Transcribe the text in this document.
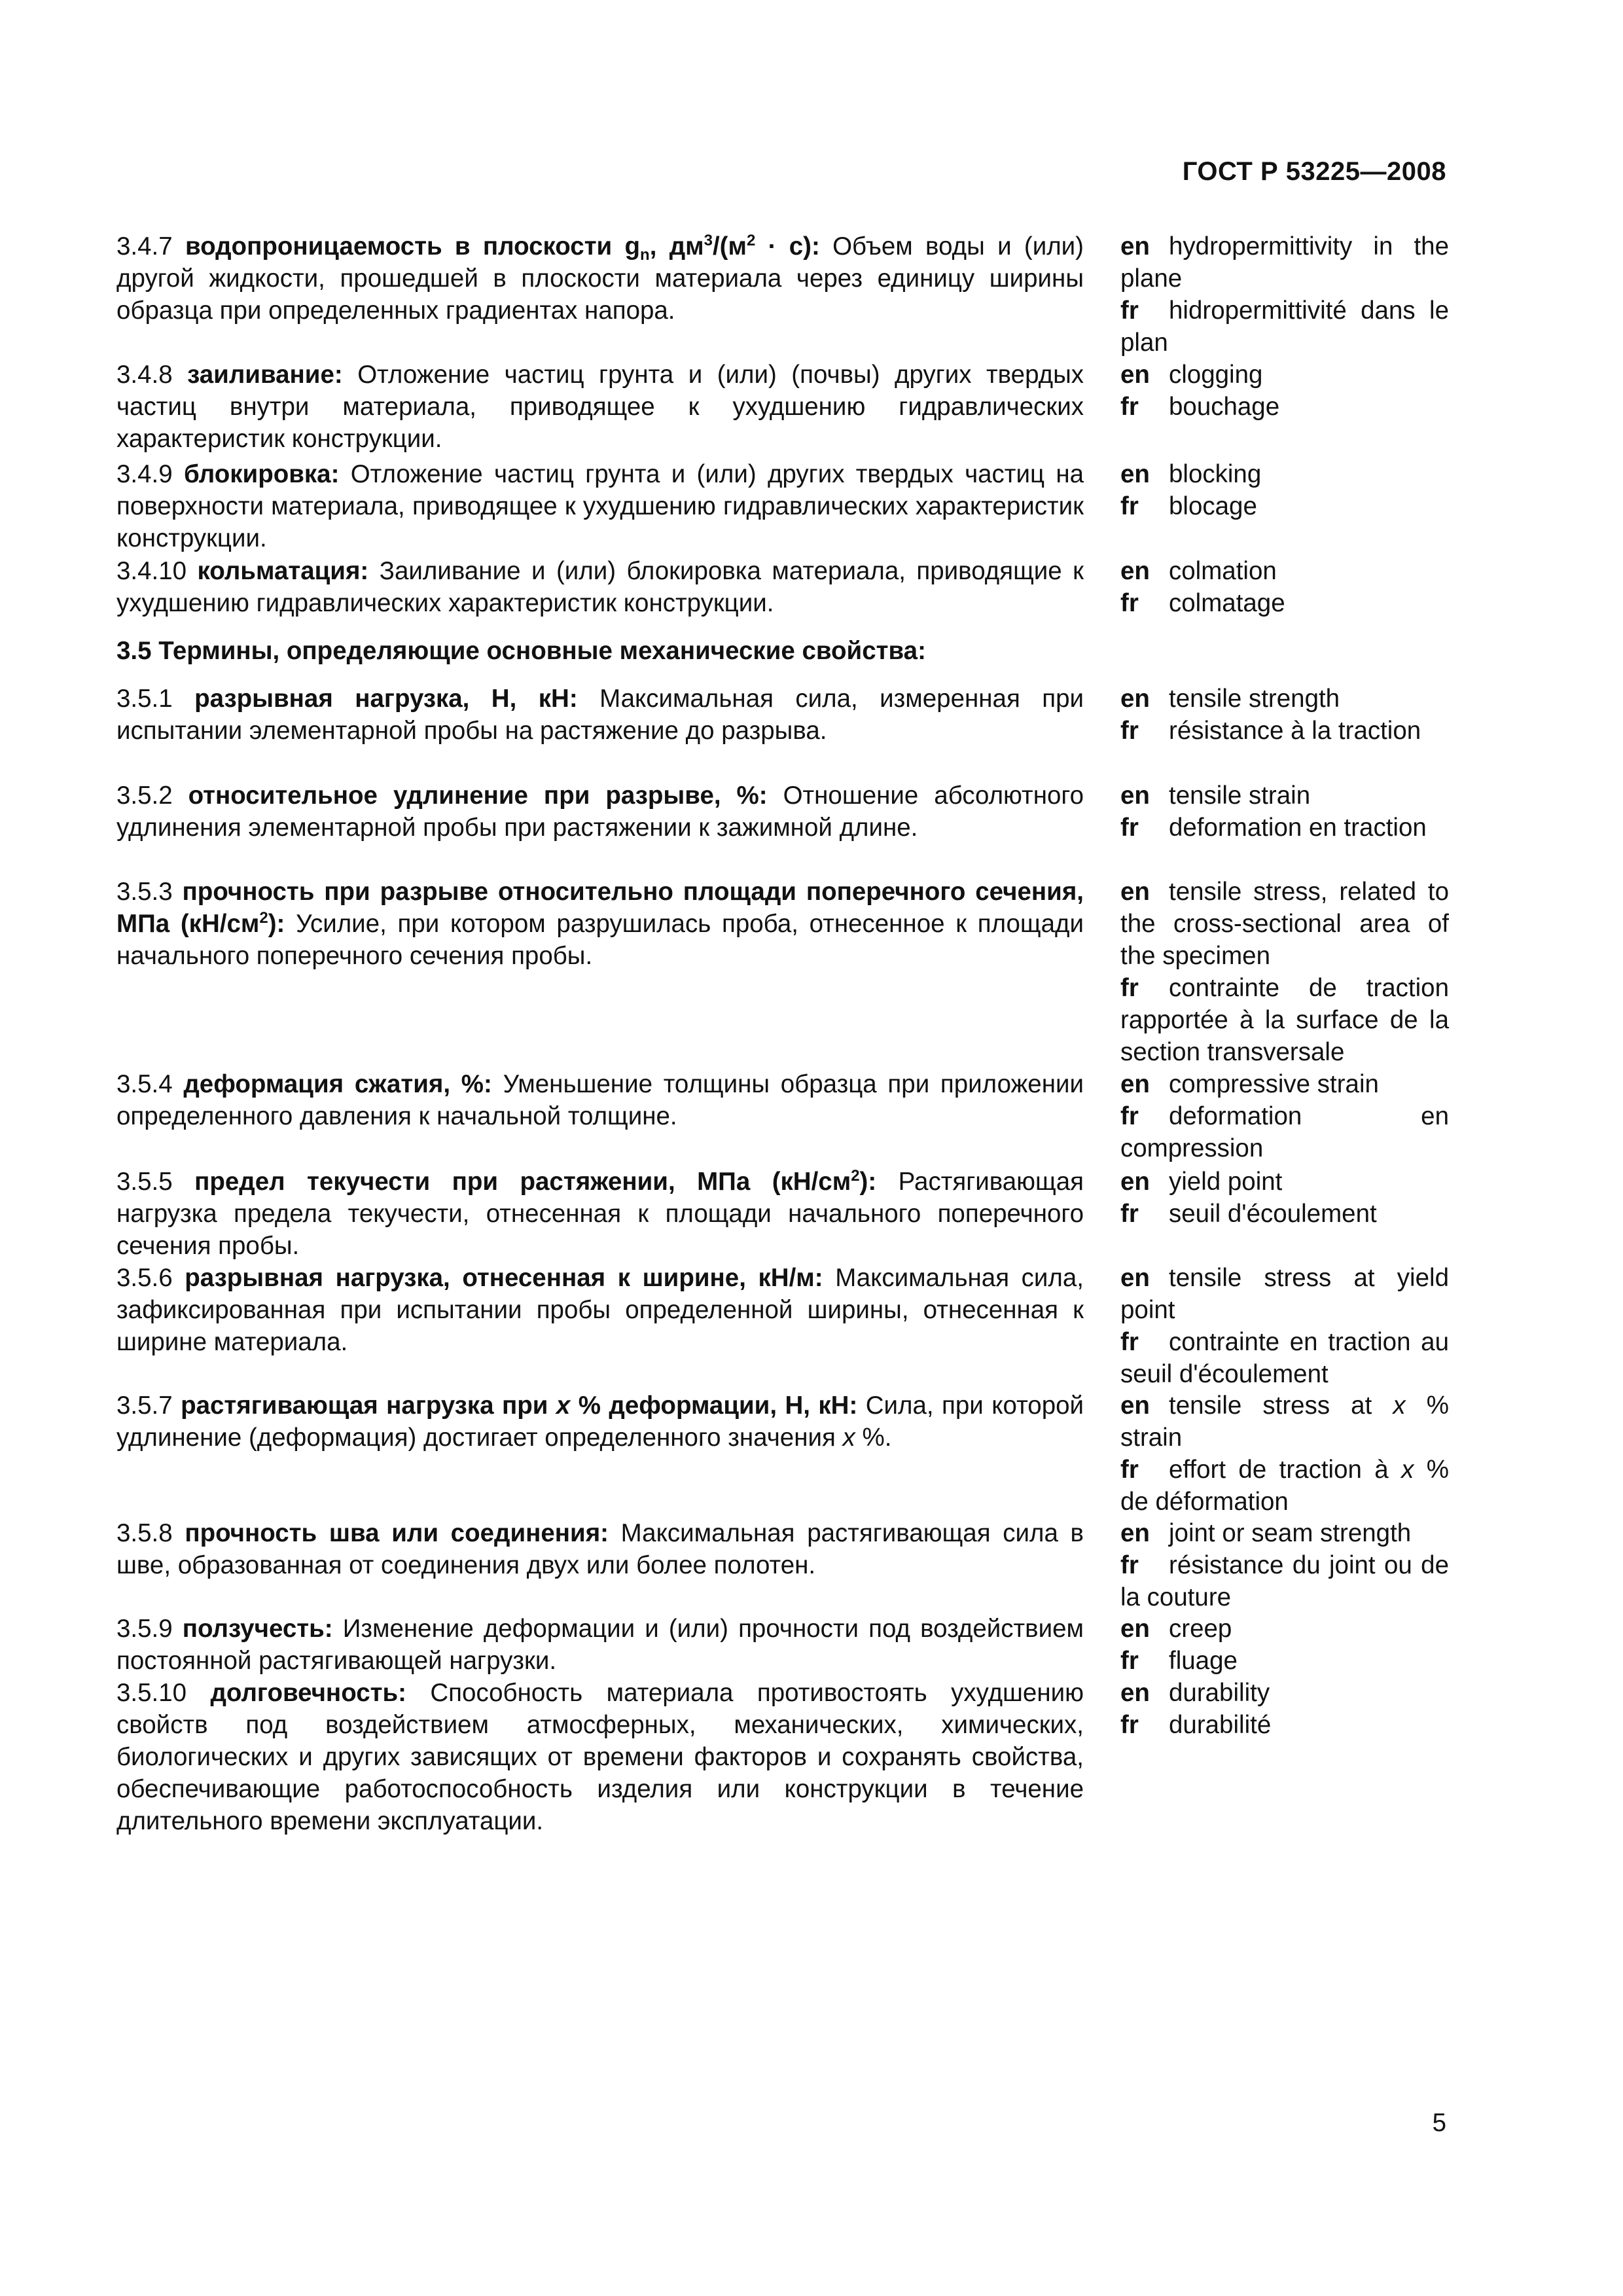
ГОСТ Р 53225—2008
3.4.7 водопроницаемость в плоскости $g_n$, $дм^3/(м^2 \cdot с)$: Объем воды и (или) другой жидкости, прошедшей в плоскости материала через единицу ширины образца при определенных градиентах напора.
en hydropermittivity in the plane
fr hidropermittivité dans le plan
3.4.8 заиливание: Отложение частиц грунта и (или) (почвы) других твердых частиц внутри материала, приводящее к ухудшению гидравлических характеристик конструкции.
en clogging
fr bouchage
3.4.9 блокировка: Отложение частиц грунта и (или) других твердых частиц на поверхности материала, приводящее к ухудшению гидравлических характеристик конструкции.
en blocking
fr blocage
3.4.10 кольматация: Заиливание и (или) блокировка материала, приводящие к ухудшению гидравлических характеристик конструкции.
en colmation
fr colmatage
3.5 Термины, определяющие основные механические свойства:
3.5.1 разрывная нагрузка, Н, кН: Максимальная сила, измеренная при испытании элементарной пробы на растяжение до разрыва.
en tensile strength
fr résistance à la traction
3.5.2 относительное удлинение при разрыве, %: Отношение абсолютного удлинения элементарной пробы при растяжении к зажимной длине.
en tensile strain
fr deformation en traction
3.5.3 прочность при разрыве относительно площади поперечного сечения, МПа $(кН/см^2)$: Усилие, при котором разрушилась проба, отнесенное к площади начального поперечного сечения пробы.
en tensile stress, related to the cross-sectional area of the specimen
fr contrainte de traction rapportée à la surface de la section transversale
3.5.4 деформация сжатия, %: Уменьшение толщины образца при приложении определенного давления к начальной толщине.
en compressive strain
fr deformation en compression
3.5.5 предел текучести при растяжении, МПа $(кН/см^2)$: Растягивающая нагрузка предела текучести, отнесенная к площади начального поперечного сечения пробы.
en yield point
fr seuil d'écoulement
3.5.6 разрывная нагрузка, отнесенная к ширине, кН/м: Максимальная сила, зафиксированная при испытании пробы определенной ширины, отнесенная к ширине материала.
en tensile stress at yield point
fr contrainte en traction au seuil d'écoulement
3.5.7 растягивающая нагрузка при x % деформации, Н, кН: Сила, при которой удлинение (деформация) достигает определенного значения x %.
en tensile stress at x % strain
fr effort de traction à x % de déformation
3.5.8 прочность шва или соединения: Максимальная растягивающая сила в шве, образованная от соединения двух или более полотен.
en joint or seam strength
fr résistance du joint ou de la couture
3.5.9 ползучесть: Изменение деформации и (или) прочности под воздействием постоянной растягивающей нагрузки.
en creep
fr fluage
3.5.10 долговечность: Способность материала противостоять ухудшению свойств под воздействием атмосферных, механических, химических, биологических и других зависящих от времени факторов и сохранять свойства, обеспечивающие работоспособность изделия или конструкции в течение длительного времени эксплуатации.
en durability
fr durabilité
5
